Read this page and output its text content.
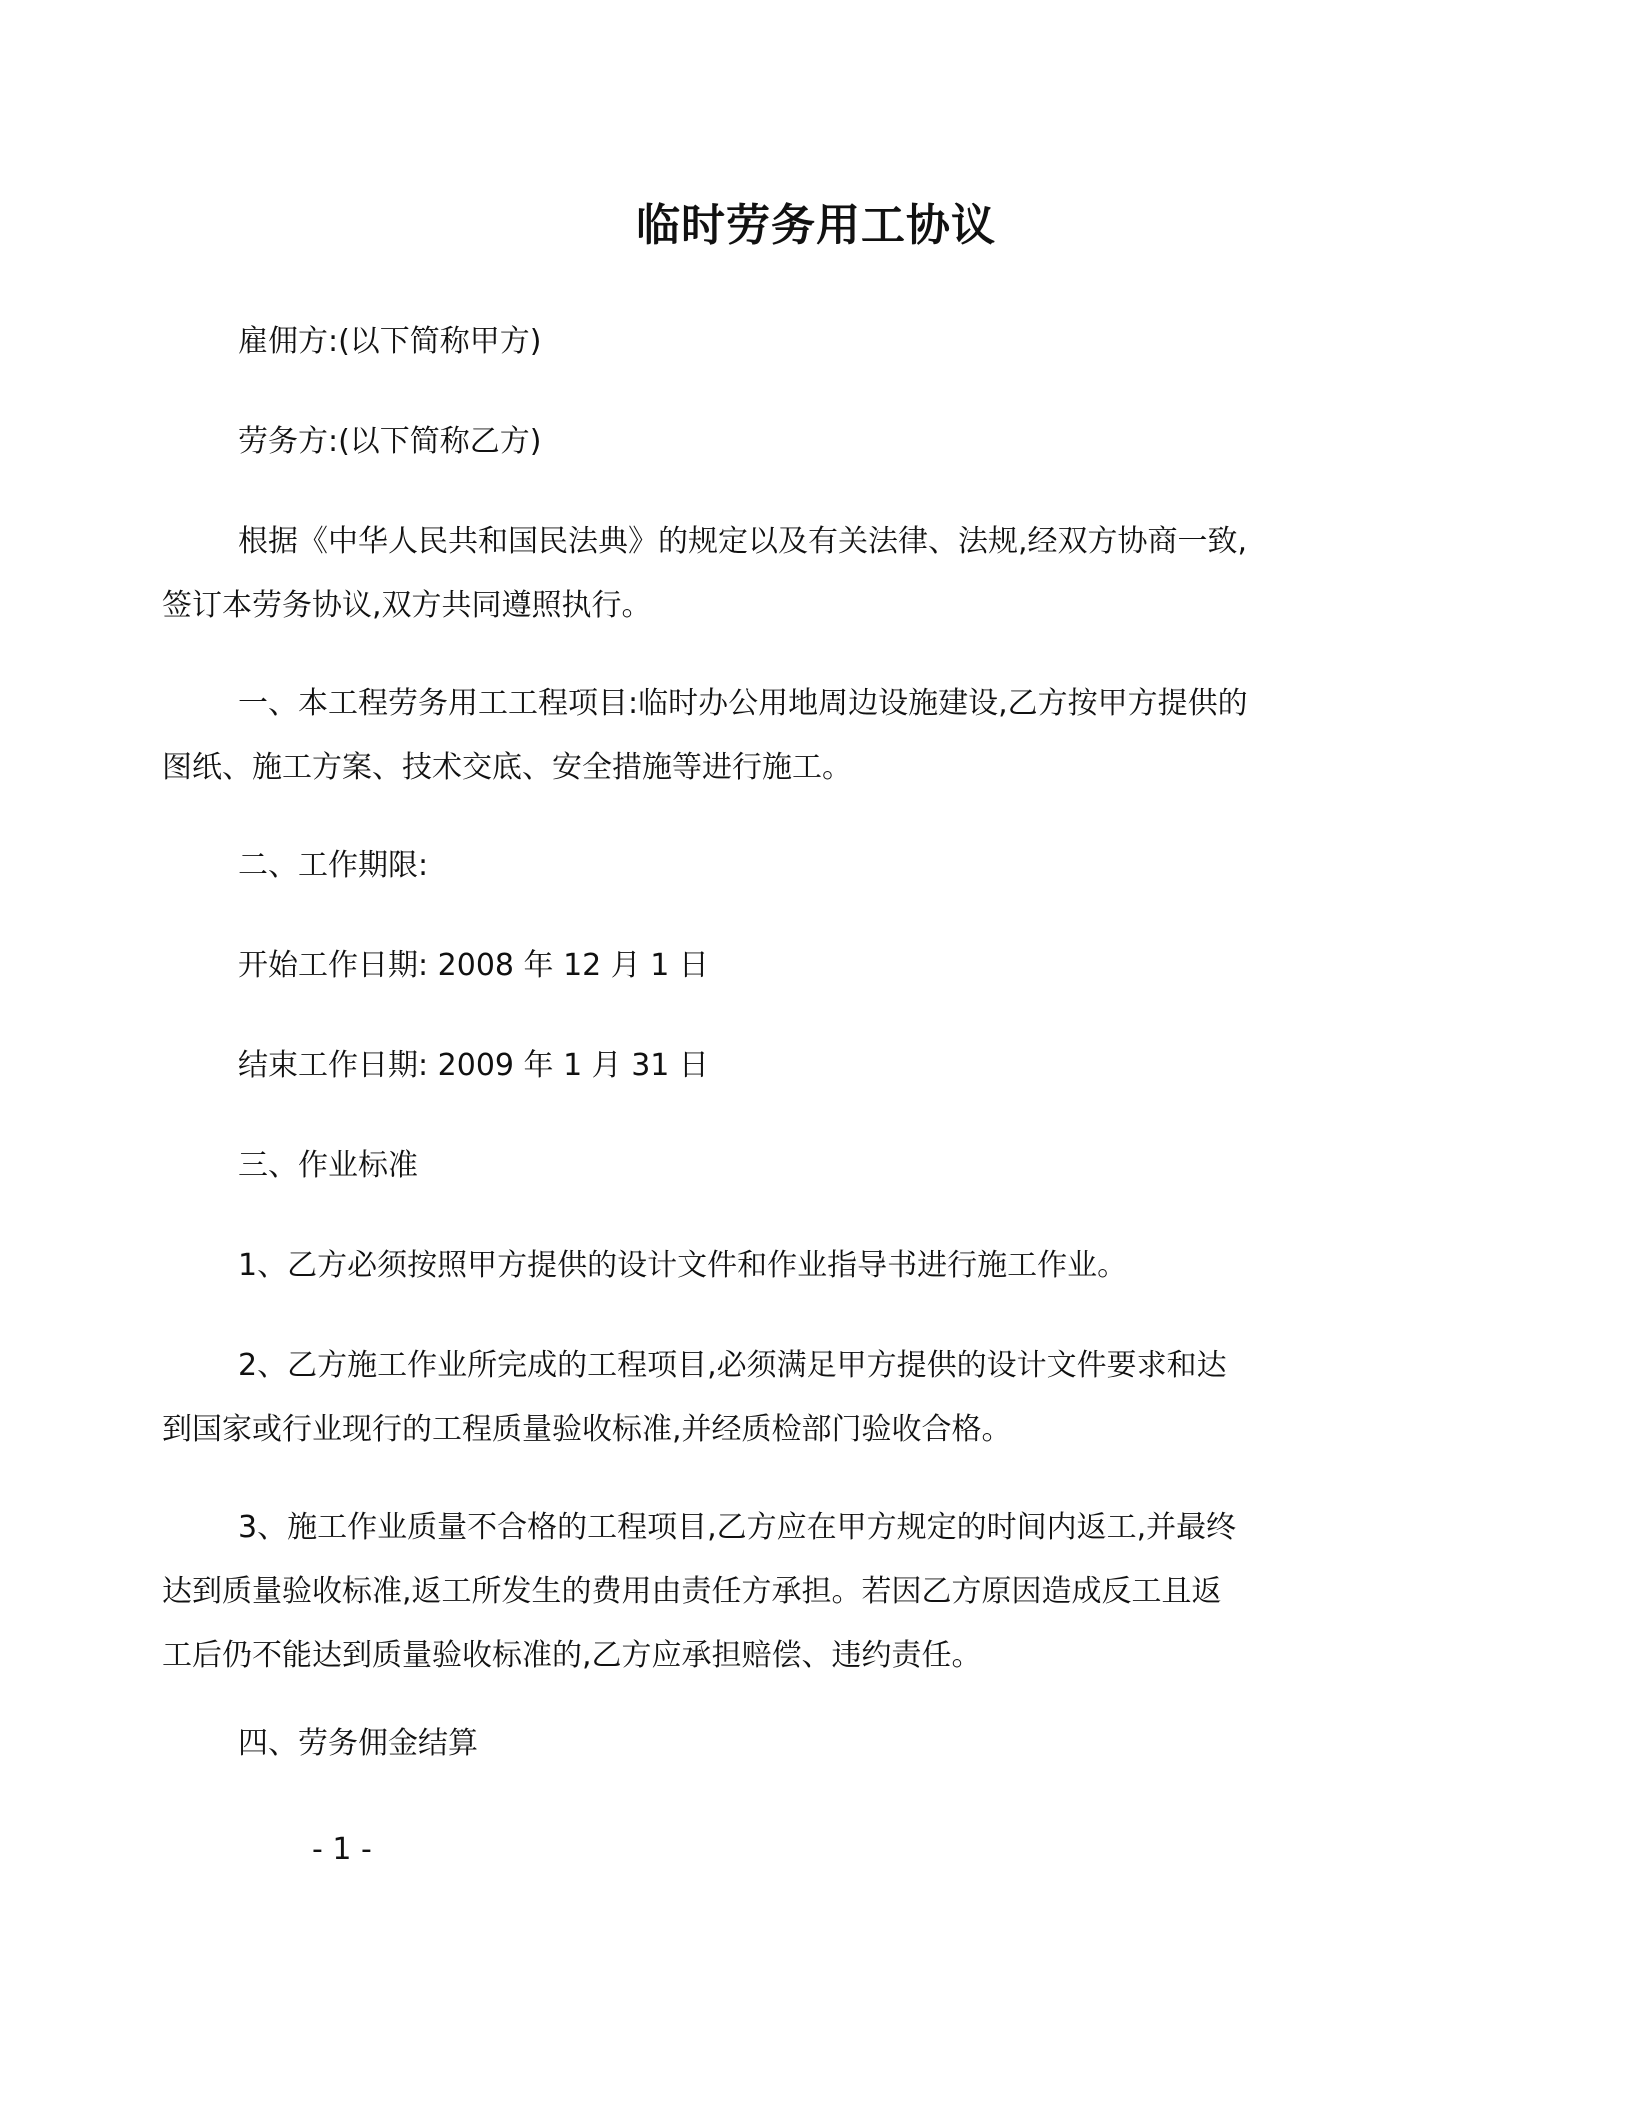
临时劳务用工协议
雇佣方:(以下简称甲方)
劳务方:(以下简称乙方)
根据《中华人民共和国民法典》的规定以及有关法律、法规,经双方协商一致,
签订本劳务协议,双方共同遵照执行。
一、本工程劳务用工工程项目:临时办公用地周边设施建设,乙方按甲方提供的
图纸、施工方案、技术交底、安全措施等进行施工。
二、工作期限:
开始工作日期: 2008 年 12 月 1 日
结束工作日期: 2009 年 1 月 31 日
三、作业标准
1、乙方必须按照甲方提供的设计文件和作业指导书进行施工作业。
2、乙方施工作业所完成的工程项目,必须满足甲方提供的设计文件要求和达
到国家或行业现行的工程质量验收标准,并经质检部门验收合格。
3、施工作业质量不合格的工程项目,乙方应在甲方规定的时间内返工,并最终
达到质量验收标准,返工所发生的费用由责任方承担。若因乙方原因造成反工且返
工后仍不能达到质量验收标准的,乙方应承担赔偿、违约责任。
四、劳务佣金结算
- 1 -
